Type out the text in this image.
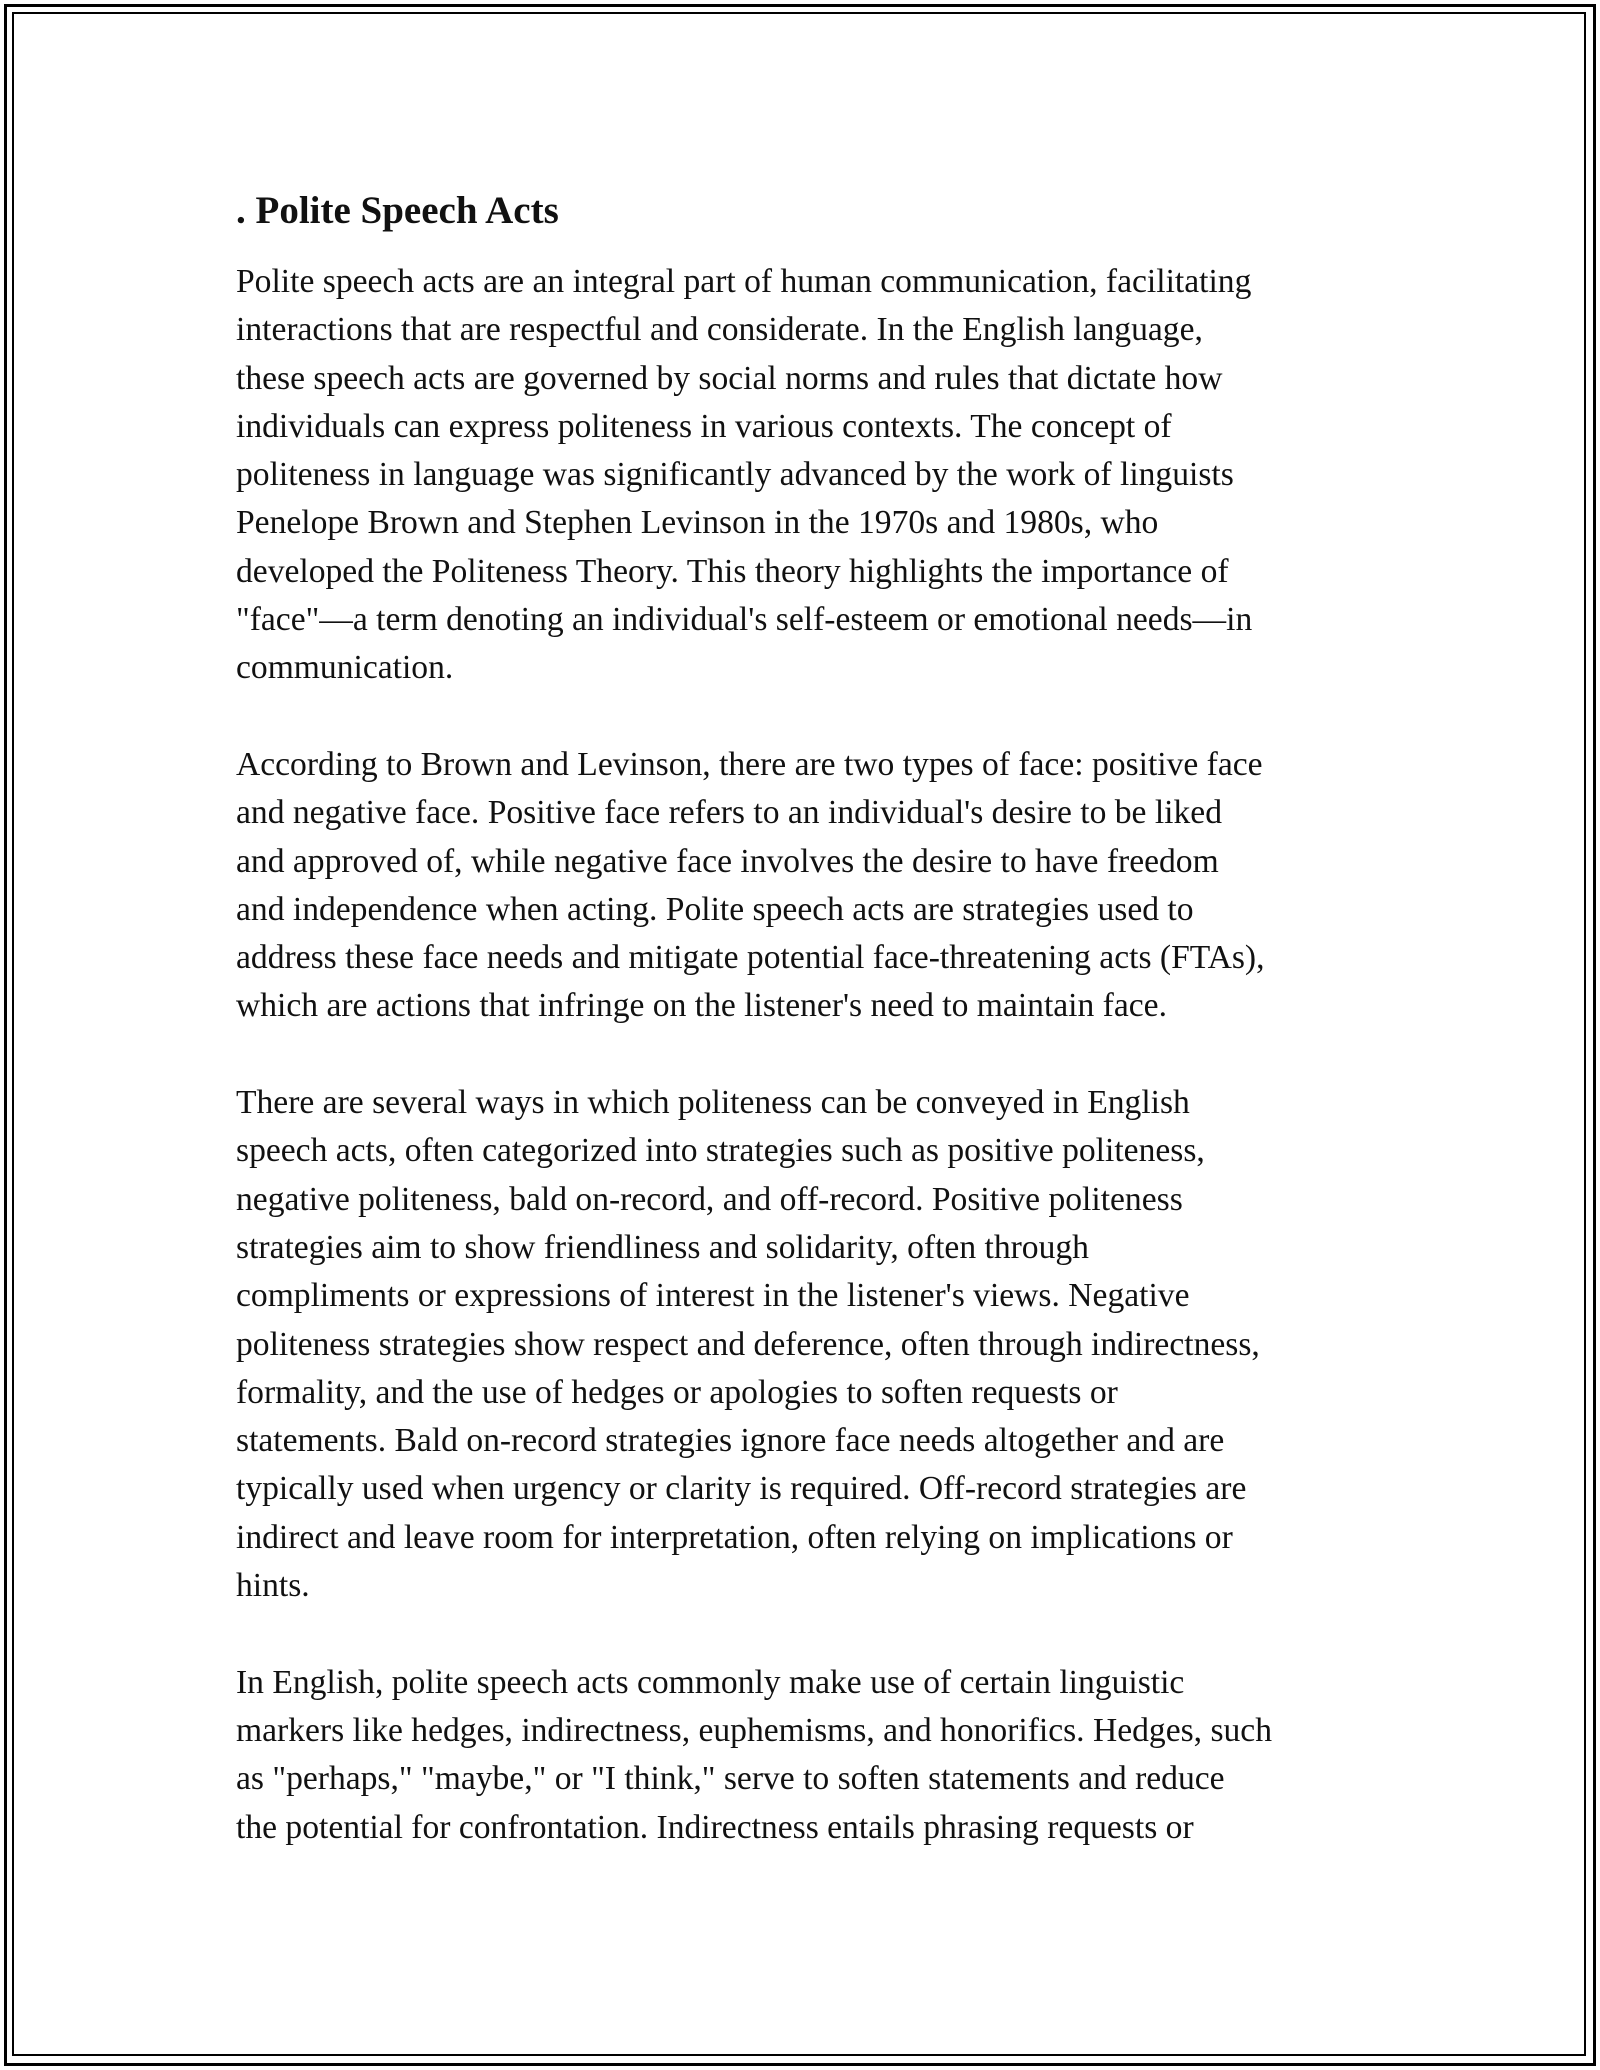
. Polite Speech Acts

Polite speech acts are an integral part of human communication, facilitating
interactions that are respectful and considerate. In the English language,
these speech acts are governed by social norms and rules that dictate how
individuals can express politeness in various contexts. The concept of
politeness in language was significantly advanced by the work of linguists
Penelope Brown and Stephen Levinson in the 1970s and 1980s, who
developed the Politeness Theory. This theory highlights the importance of
"face"—a term denoting an individual's self-esteem or emotional needs—in
communication.

According to Brown and Levinson, there are two types of face: positive face
and negative face. Positive face refers to an individual's desire to be liked
and approved of, while negative face involves the desire to have freedom
and independence when acting. Polite speech acts are strategies used to
address these face needs and mitigate potential face-threatening acts (FTAs),
which are actions that infringe on the listener's need to maintain face.

There are several ways in which politeness can be conveyed in English
speech acts, often categorized into strategies such as positive politeness,
negative politeness, bald on-record, and off-record. Positive politeness
strategies aim to show friendliness and solidarity, often through
compliments or expressions of interest in the listener's views. Negative
politeness strategies show respect and deference, often through indirectness,
formality, and the use of hedges or apologies to soften requests or
statements. Bald on-record strategies ignore face needs altogether and are
typically used when urgency or clarity is required. Off-record strategies are
indirect and leave room for interpretation, often relying on implications or
hints.

In English, polite speech acts commonly make use of certain linguistic
markers like hedges, indirectness, euphemisms, and honorifics. Hedges, such
as "perhaps," "maybe," or "I think," serve to soften statements and reduce
the potential for confrontation. Indirectness entails phrasing requests or
